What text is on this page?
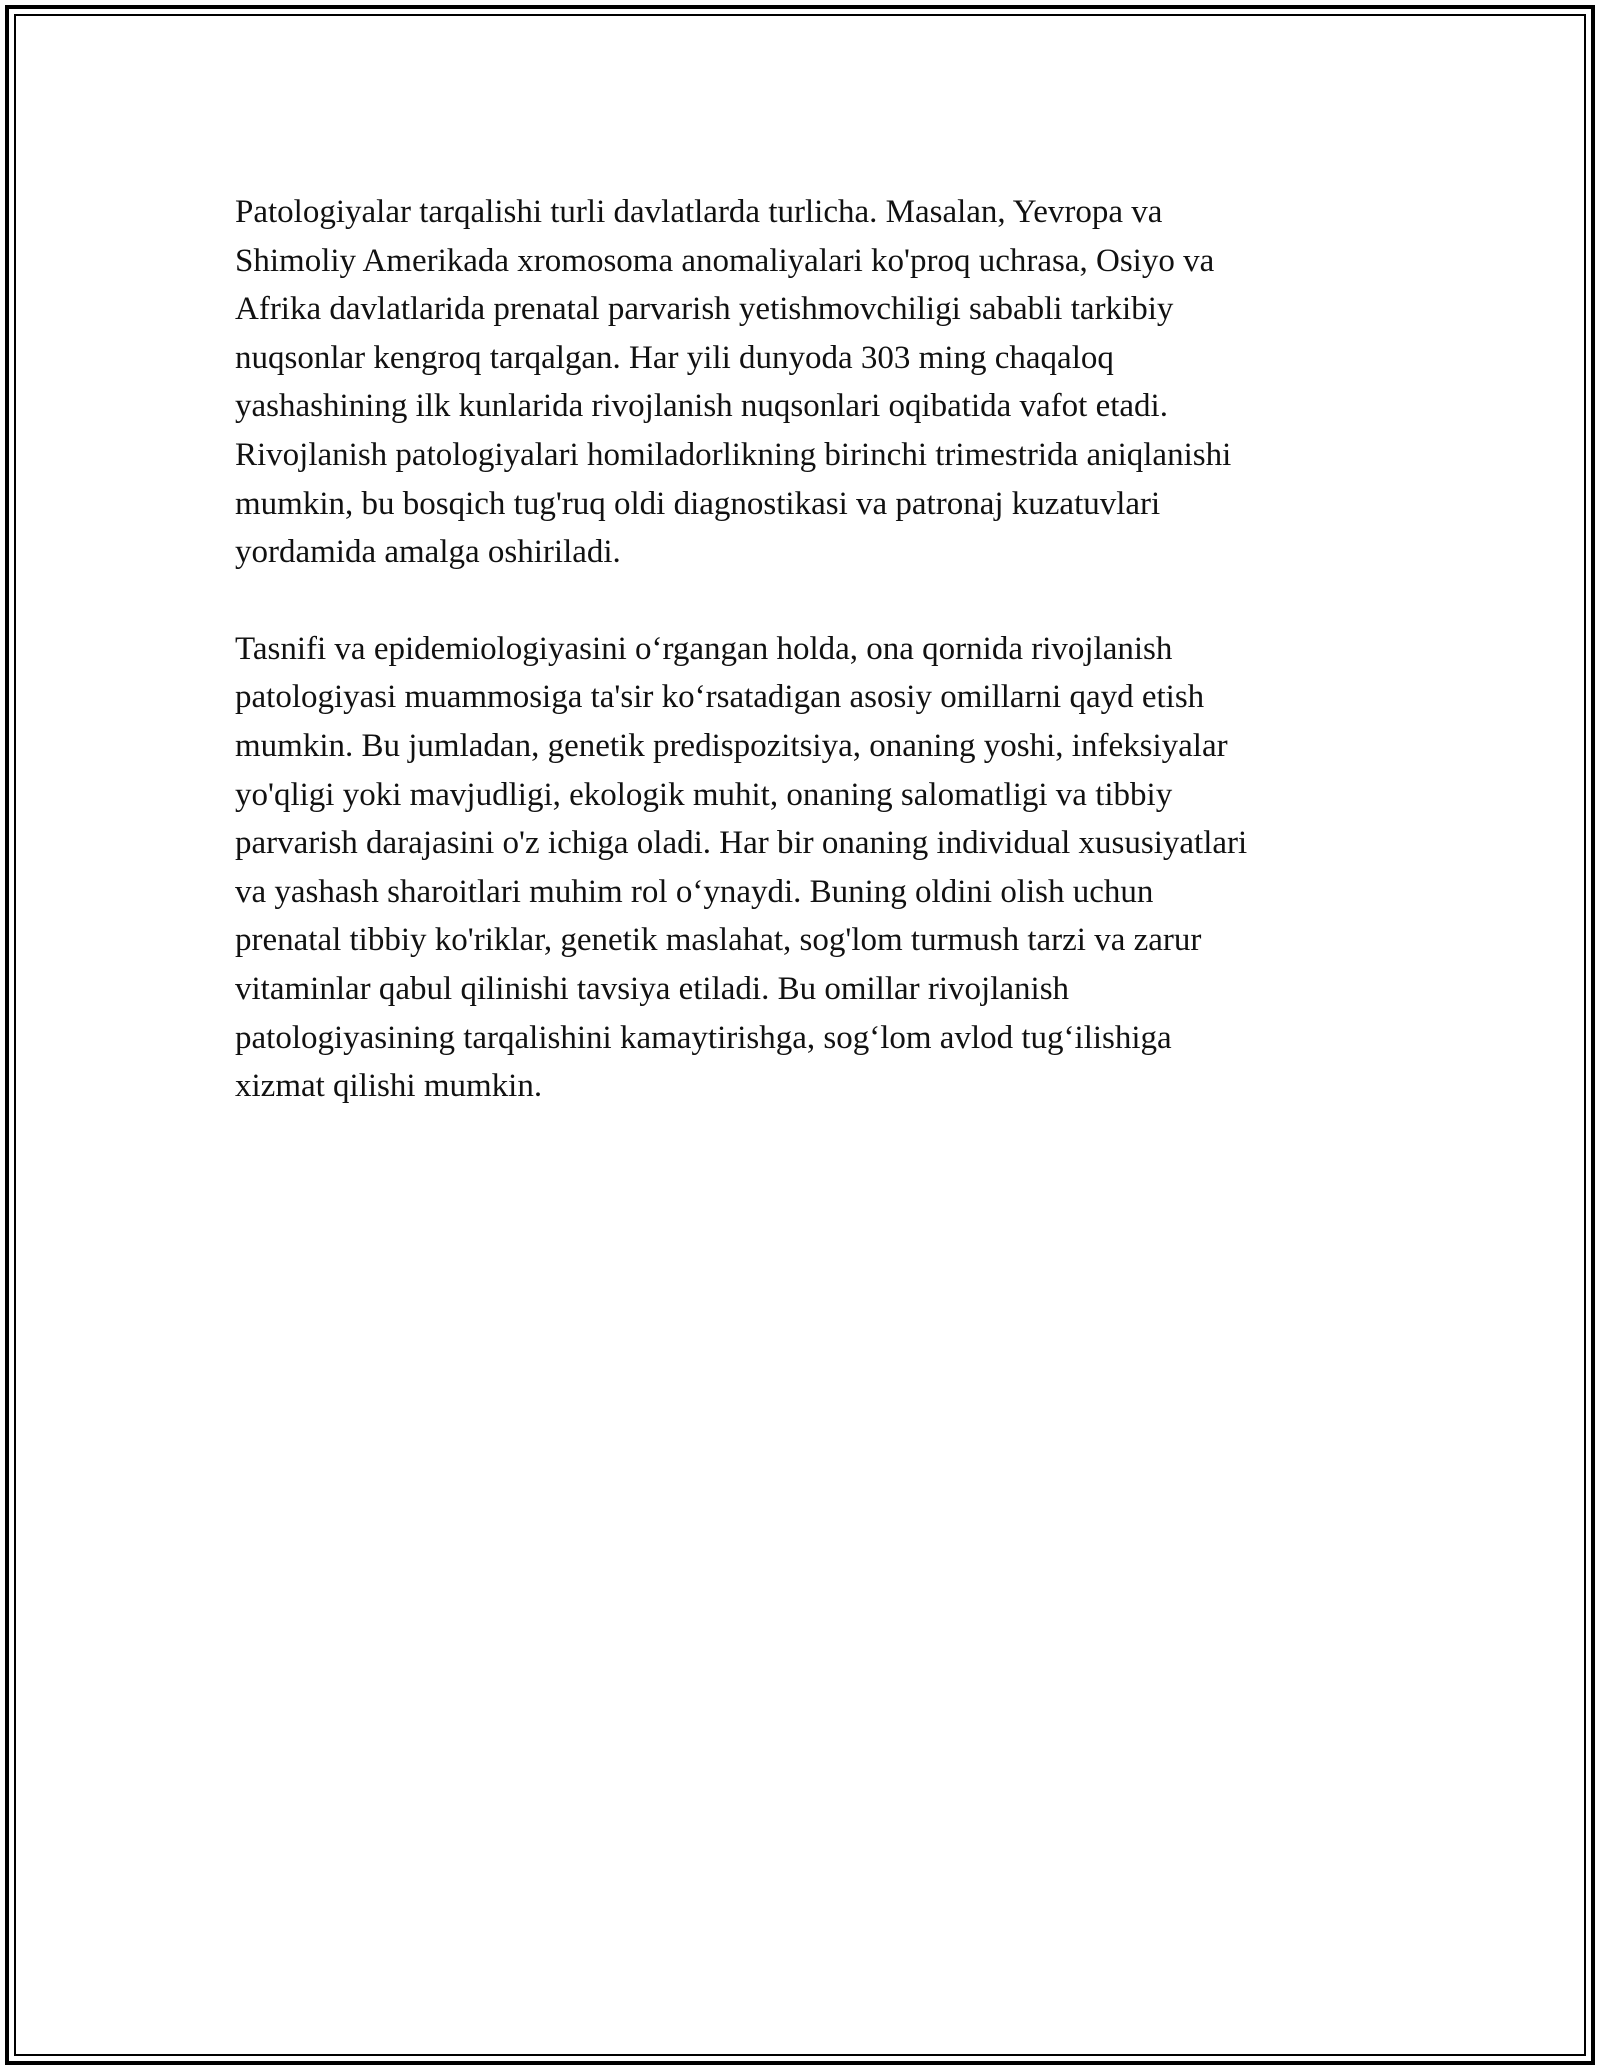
Patologiyalar tarqalishi turli davlatlarda turlicha. Masalan, Yevropa va
Shimoliy Amerikada xromosoma anomaliyalari ko'proq uchrasa, Osiyo va
Afrika davlatlarida prenatal parvarish yetishmovchiligi sababli tarkibiy
nuqsonlar kengroq tarqalgan. Har yili dunyoda 303 ming chaqaloq
yashashining ilk kunlarida rivojlanish nuqsonlari oqibatida vafot etadi.
Rivojlanish patologiyalari homiladorlikning birinchi trimestrida aniqlanishi
mumkin, bu bosqich tug'ruq oldi diagnostikasi va patronaj kuzatuvlari
yordamida amalga oshiriladi.

Tasnifi va epidemiologiyasini o‘rgangan holda, ona qornida rivojlanish
patologiyasi muammosiga ta'sir ko‘rsatadigan asosiy omillarni qayd etish
mumkin. Bu jumladan, genetik predispozitsiya, onaning yoshi, infeksiyalar
yo'qligi yoki mavjudligi, ekologik muhit, onaning salomatligi va tibbiy
parvarish darajasini o'z ichiga oladi. Har bir onaning individual xususiyatlari
va yashash sharoitlari muhim rol o‘ynaydi. Buning oldini olish uchun
prenatal tibbiy ko'riklar, genetik maslahat, sog'lom turmush tarzi va zarur
vitaminlar qabul qilinishi tavsiya etiladi. Bu omillar rivojlanish
patologiyasining tarqalishini kamaytirishga, sog‘lom avlod tug‘ilishiga
xizmat qilishi mumkin.
